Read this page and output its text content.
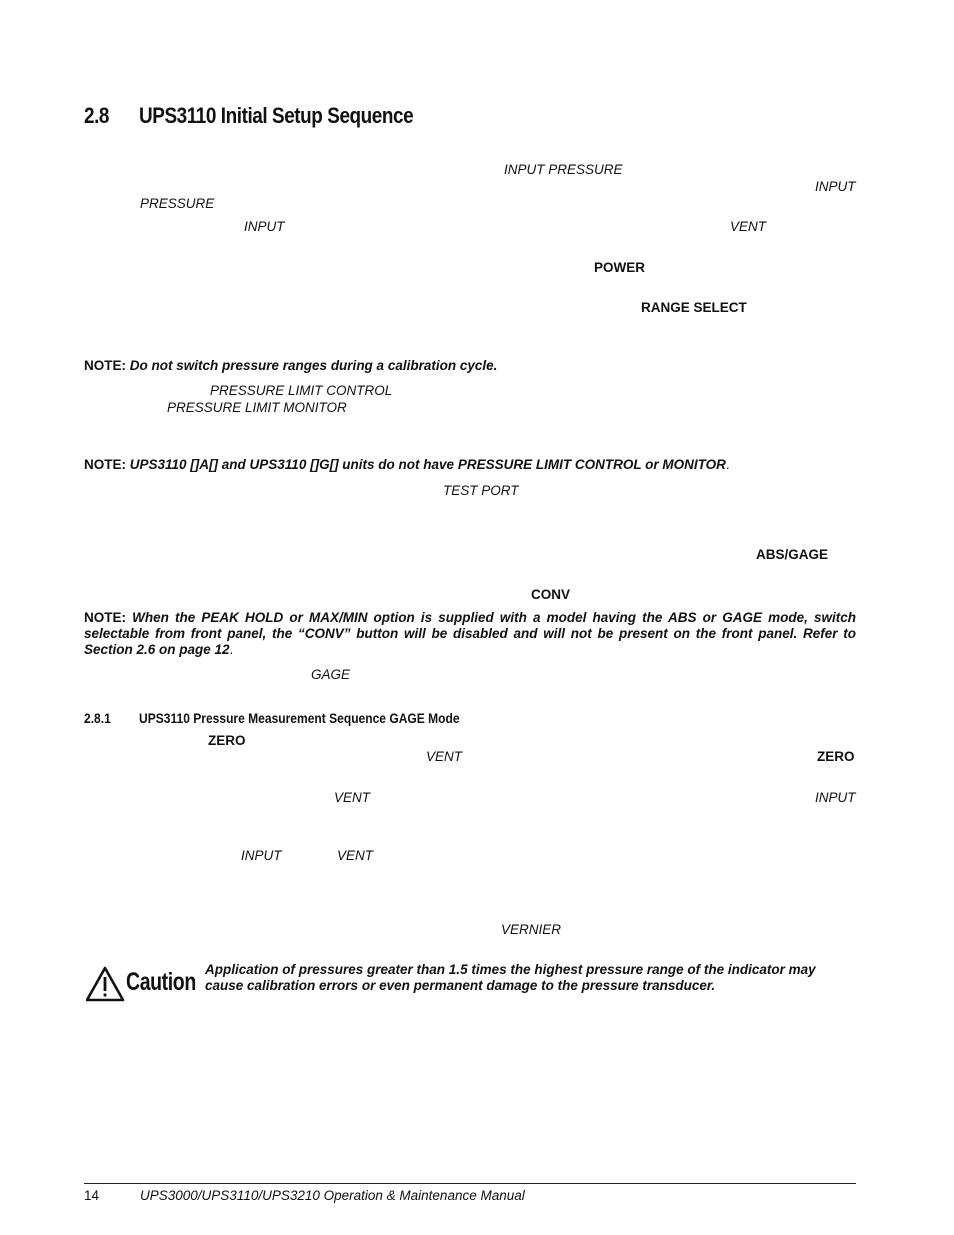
2.8 UPS3110 Initial Setup Sequence
INPUT PRESSURE
INPUT
PRESSURE
INPUT	VENT
POWER
RANGE SELECT
NOTE: Do not switch pressure ranges during a calibration cycle.
PRESSURE LIMIT CONTROL
PRESSURE LIMIT MONITOR
NOTE: UPS3110 []A[] and UPS3110 []G[] units do not have PRESSURE LIMIT CONTROL or MONITOR.
TEST PORT
ABS/GAGE
CONV
NOTE: When the PEAK HOLD or MAX/MIN option is supplied with a model having the ABS or GAGE mode, switch selectable from front panel, the “CONV” button will be disabled and will not be present on the front panel. Refer to Section 2.6 on page 12.
GAGE
2.8.1 UPS3110 Pressure Measurement Sequence GAGE Mode
ZERO
VENT	ZERO
VENT	INPUT
INPUT	VENT
VERNIER
Caution Application of pressures greater than 1.5 times the highest pressure range of the indicator may cause calibration errors or even permanent damage to the pressure transducer.
14	UPS3000/UPS3110/UPS3210 Operation & Maintenance Manual
